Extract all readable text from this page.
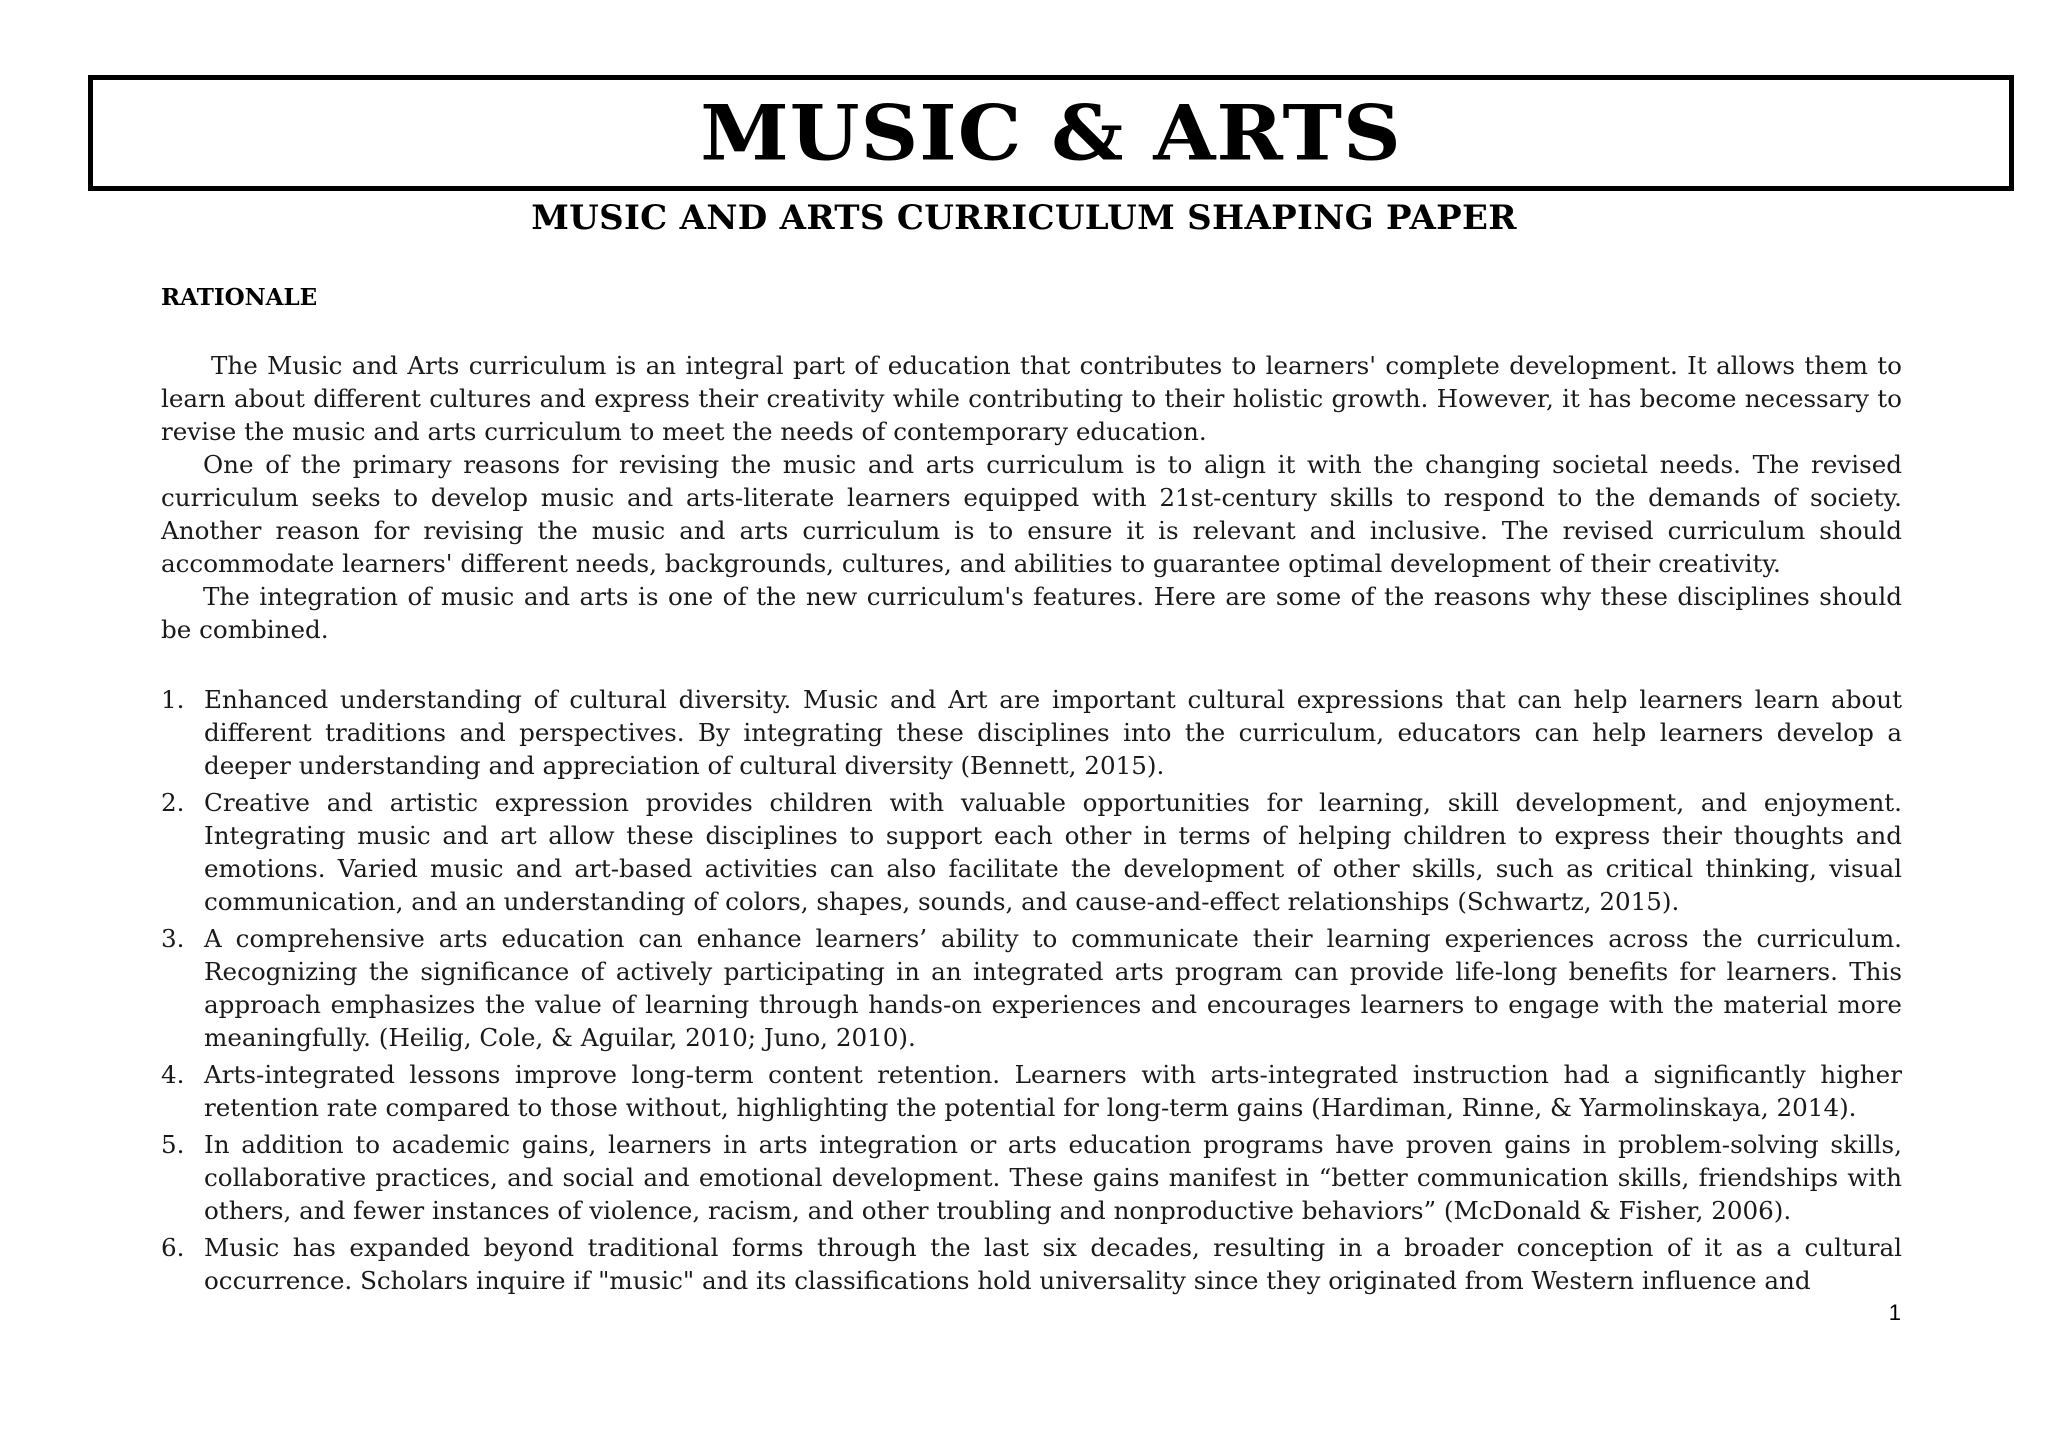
MUSIC & ARTS
MUSIC AND ARTS CURRICULUM SHAPING PAPER
RATIONALE

The Music and Arts curriculum is an integral part of education that contributes to learners' complete development. It allows them to learn about different cultures and express their creativity while contributing to their holistic growth. However, it has become necessary to revise the music and arts curriculum to meet the needs of contemporary education.

One of the primary reasons for revising the music and arts curriculum is to align it with the changing societal needs. The revised curriculum seeks to develop music and arts-literate learners equipped with 21st-century skills to respond to the demands of society. Another reason for revising the music and arts curriculum is to ensure it is relevant and inclusive. The revised curriculum should accommodate learners' different needs, backgrounds, cultures, and abilities to guarantee optimal development of their creativity.

The integration of music and arts is one of the new curriculum's features. Here are some of the reasons why these disciplines should be combined.

1. Enhanced understanding of cultural diversity. Music and Art are important cultural expressions that can help learners learn about different traditions and perspectives. By integrating these disciplines into the curriculum, educators can help learners develop a deeper understanding and appreciation of cultural diversity (Bennett, 2015).
2. Creative and artistic expression provides children with valuable opportunities for learning, skill development, and enjoyment. Integrating music and art allow these disciplines to support each other in terms of helping children to express their thoughts and emotions. Varied music and art-based activities can also facilitate the development of other skills, such as critical thinking, visual communication, and an understanding of colors, shapes, sounds, and cause-and-effect relationships (Schwartz, 2015).
3. A comprehensive arts education can enhance learners’ ability to communicate their learning experiences across the curriculum. Recognizing the significance of actively participating in an integrated arts program can provide life-long benefits for learners. This approach emphasizes the value of learning through hands-on experiences and encourages learners to engage with the material more meaningfully. (Heilig, Cole, & Aguilar, 2010; Juno, 2010).
4. Arts-integrated lessons improve long-term content retention. Learners with arts-integrated instruction had a significantly higher retention rate compared to those without, highlighting the potential for long-term gains (Hardiman, Rinne, & Yarmolinskaya, 2014).
5. In addition to academic gains, learners in arts integration or arts education programs have proven gains in problem-solving skills, collaborative practices, and social and emotional development. These gains manifest in “better communication skills, friendships with others, and fewer instances of violence, racism, and other troubling and nonproductive behaviors” (McDonald & Fisher, 2006).
6. Music has expanded beyond traditional forms through the last six decades, resulting in a broader conception of it as a cultural occurrence. Scholars inquire if "music" and its classifications hold universality since they originated from Western influence and

1
